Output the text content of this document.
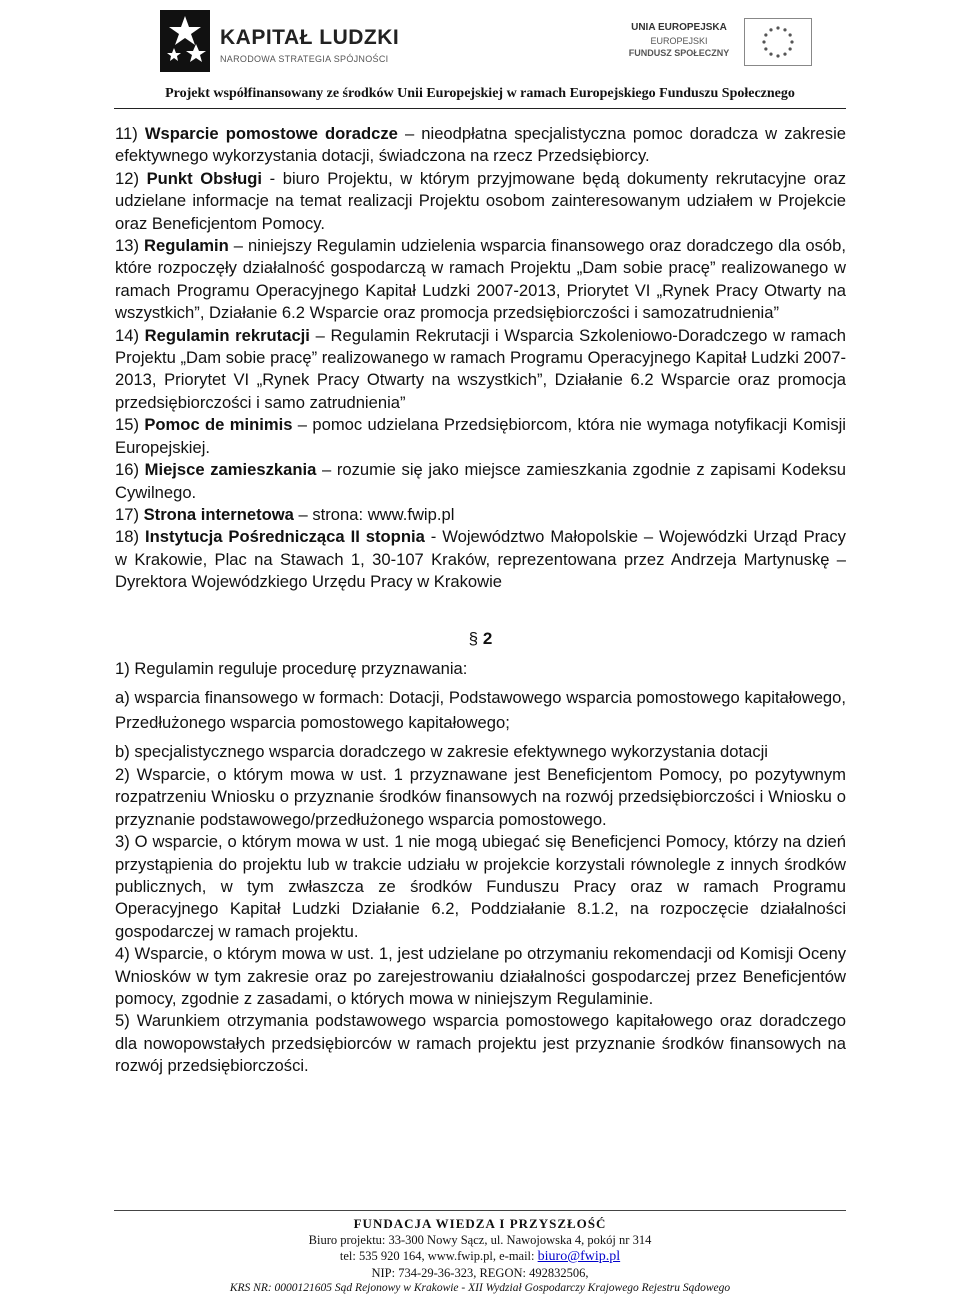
KAPITAŁ LUDZKI
NARODOWA STRATEGIA SPÓJNOŚCI
UNIA EUROPEJSKA
EUROPEJSKI
FUNDUSZ SPOŁECZNY
Projekt współfinansowany ze środków Unii Europejskiej w ramach Europejskiego Funduszu Społecznego

11) Wsparcie pomostowe doradcze – nieodpłatna specjalistyczna pomoc doradcza w zakresie efektywnego wykorzystania dotacji, świadczona na rzecz Przedsiębiorcy.

12) Punkt Obsługi - biuro Projektu, w którym przyjmowane będą dokumenty rekrutacyjne oraz udzielane informacje na temat realizacji Projektu osobom zainteresowanym udziałem w Projekcie oraz Beneficjentom Pomocy.

13) Regulamin – niniejszy Regulamin udzielenia wsparcia finansowego oraz doradczego dla osób, które rozpoczęły działalność gospodarczą w ramach Projektu „Dam sobie pracę” realizowanego w ramach Programu Operacyjnego Kapitał Ludzki 2007-2013, Priorytet VI „Rynek Pracy Otwarty na wszystkich”, Działanie 6.2 Wsparcie oraz promocja przedsiębiorczości i samozatrudnienia”

14) Regulamin rekrutacji – Regulamin Rekrutacji i Wsparcia Szkoleniowo-Doradczego w ramach Projektu „Dam sobie pracę” realizowanego w ramach Programu Operacyjnego Kapitał Ludzki 2007-2013, Priorytet VI „Rynek Pracy Otwarty na wszystkich”, Działanie 6.2 Wsparcie oraz promocja przedsiębiorczości i samo zatrudnienia”

15) Pomoc de minimis – pomoc udzielana Przedsiębiorcom, która nie wymaga notyfikacji Komisji Europejskiej.

16) Miejsce zamieszkania – rozumie się jako miejsce zamieszkania zgodnie z zapisami Kodeksu Cywilnego.

17) Strona internetowa – strona: www.fwip.pl

18) Instytucja Pośrednicząca II stopnia - Województwo Małopolskie – Wojewódzki Urząd Pracy w Krakowie, Plac na Stawach 1, 30-107 Kraków, reprezentowana przez Andrzeja Martynuskę – Dyrektora Wojewódzkiego Urzędu Pracy w Krakowie

§ 2

1) Regulamin reguluje procedurę przyznawania:

a) wsparcia finansowego w formach: Dotacji, Podstawowego wsparcia pomostowego kapitałowego, Przedłużonego wsparcia pomostowego kapitałowego;

b) specjalistycznego wsparcia doradczego w zakresie efektywnego wykorzystania dotacji

2) Wsparcie, o którym mowa w ust. 1 przyznawane jest Beneficjentom Pomocy, po pozytywnym rozpatrzeniu Wniosku o przyznanie środków finansowych na rozwój przedsiębiorczości i Wniosku o przyznanie podstawowego/przedłużonego wsparcia pomostowego.

3) O wsparcie, o którym mowa w ust. 1 nie mogą ubiegać się Beneficjenci Pomocy, którzy na dzień przystąpienia do projektu lub w trakcie udziału w projekcie korzystali równolegle z innych środków publicznych, w tym zwłaszcza ze środków Funduszu Pracy oraz w ramach Programu Operacyjnego Kapitał Ludzki Działanie 6.2, Poddziałanie 8.1.2, na rozpoczęcie działalności gospodarczej w ramach projektu.

4) Wsparcie, o którym mowa w ust. 1, jest udzielane po otrzymaniu rekomendacji od Komisji Oceny Wniosków w tym zakresie oraz po zarejestrowaniu działalności gospodarczej przez Beneficjentów pomocy, zgodnie z zasadami, o których mowa w niniejszym Regulaminie.

5) Warunkiem otrzymania podstawowego wsparcia pomostowego kapitałowego oraz doradczego dla nowopowstałych przedsiębiorców w ramach projektu jest przyznanie środków finansowych na rozwój przedsiębiorczości.

FUNDACJA WIEDZA I PRZYSZŁOŚĆ
Biuro projektu: 33-300 Nowy Sącz, ul. Nawojowska 4, pokój nr 314
tel: 535 920 164, www.fwip.pl, e-mail: biuro@fwip.pl
NIP: 734-29-36-323, REGON: 492832506,
KRS NR: 0000121605 Sąd Rejonowy w Krakowie - XII Wydział Gospodarczy Krajowego Rejestru Sądowego
